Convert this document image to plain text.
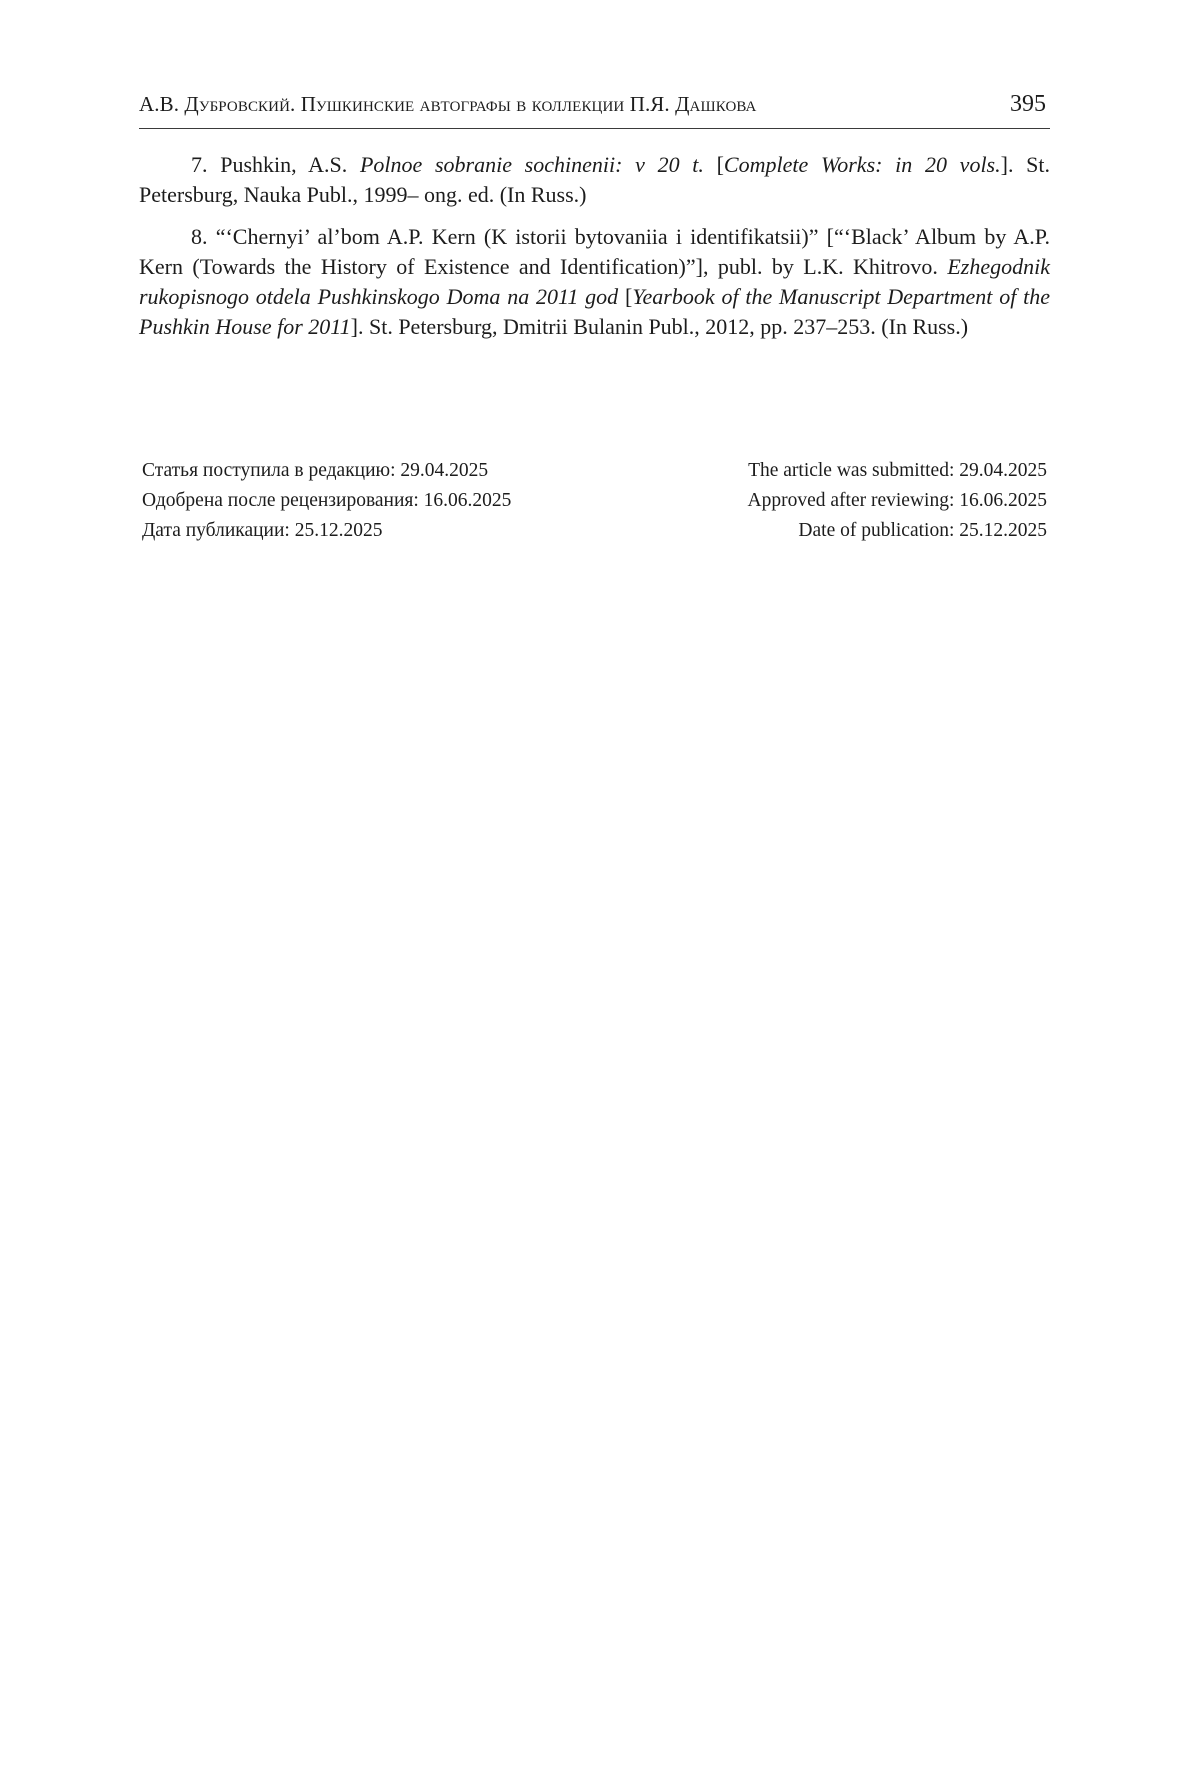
А.В. Дубровский. Пушкинские автографы в коллекции П.Я. Дашкова	395

7. Pushkin, A.S. Polnoe sobranie sochinenii: v 20 t. [Complete Works: in 20 vols.]. St. Petersburg, Nauka Publ., 1999– ong. ed. (In Russ.)

8. “‘Chernyi’ al’bom A.P. Kern (K istorii bytovaniia i identifikatsii)” [“‘Black’ Album by A.P. Kern (Towards the History of Existence and Identification)”], publ. by L.K. Khitrovo. Ezhegodnik rukopisnogo otdela Pushkinskogo Doma na 2011 god [Yearbook of the Manuscript Department of the Pushkin House for 2011]. St. Petersburg, Dmitrii Bulanin Publ., 2012, pp. 237–253. (In Russ.)

Статья поступила в редакцию: 29.04.2025
Одобрена после рецензирования: 16.06.2025
Дата публикации: 25.12.2025
The article was submitted: 29.04.2025
Approved after reviewing: 16.06.2025
Date of publication: 25.12.2025
